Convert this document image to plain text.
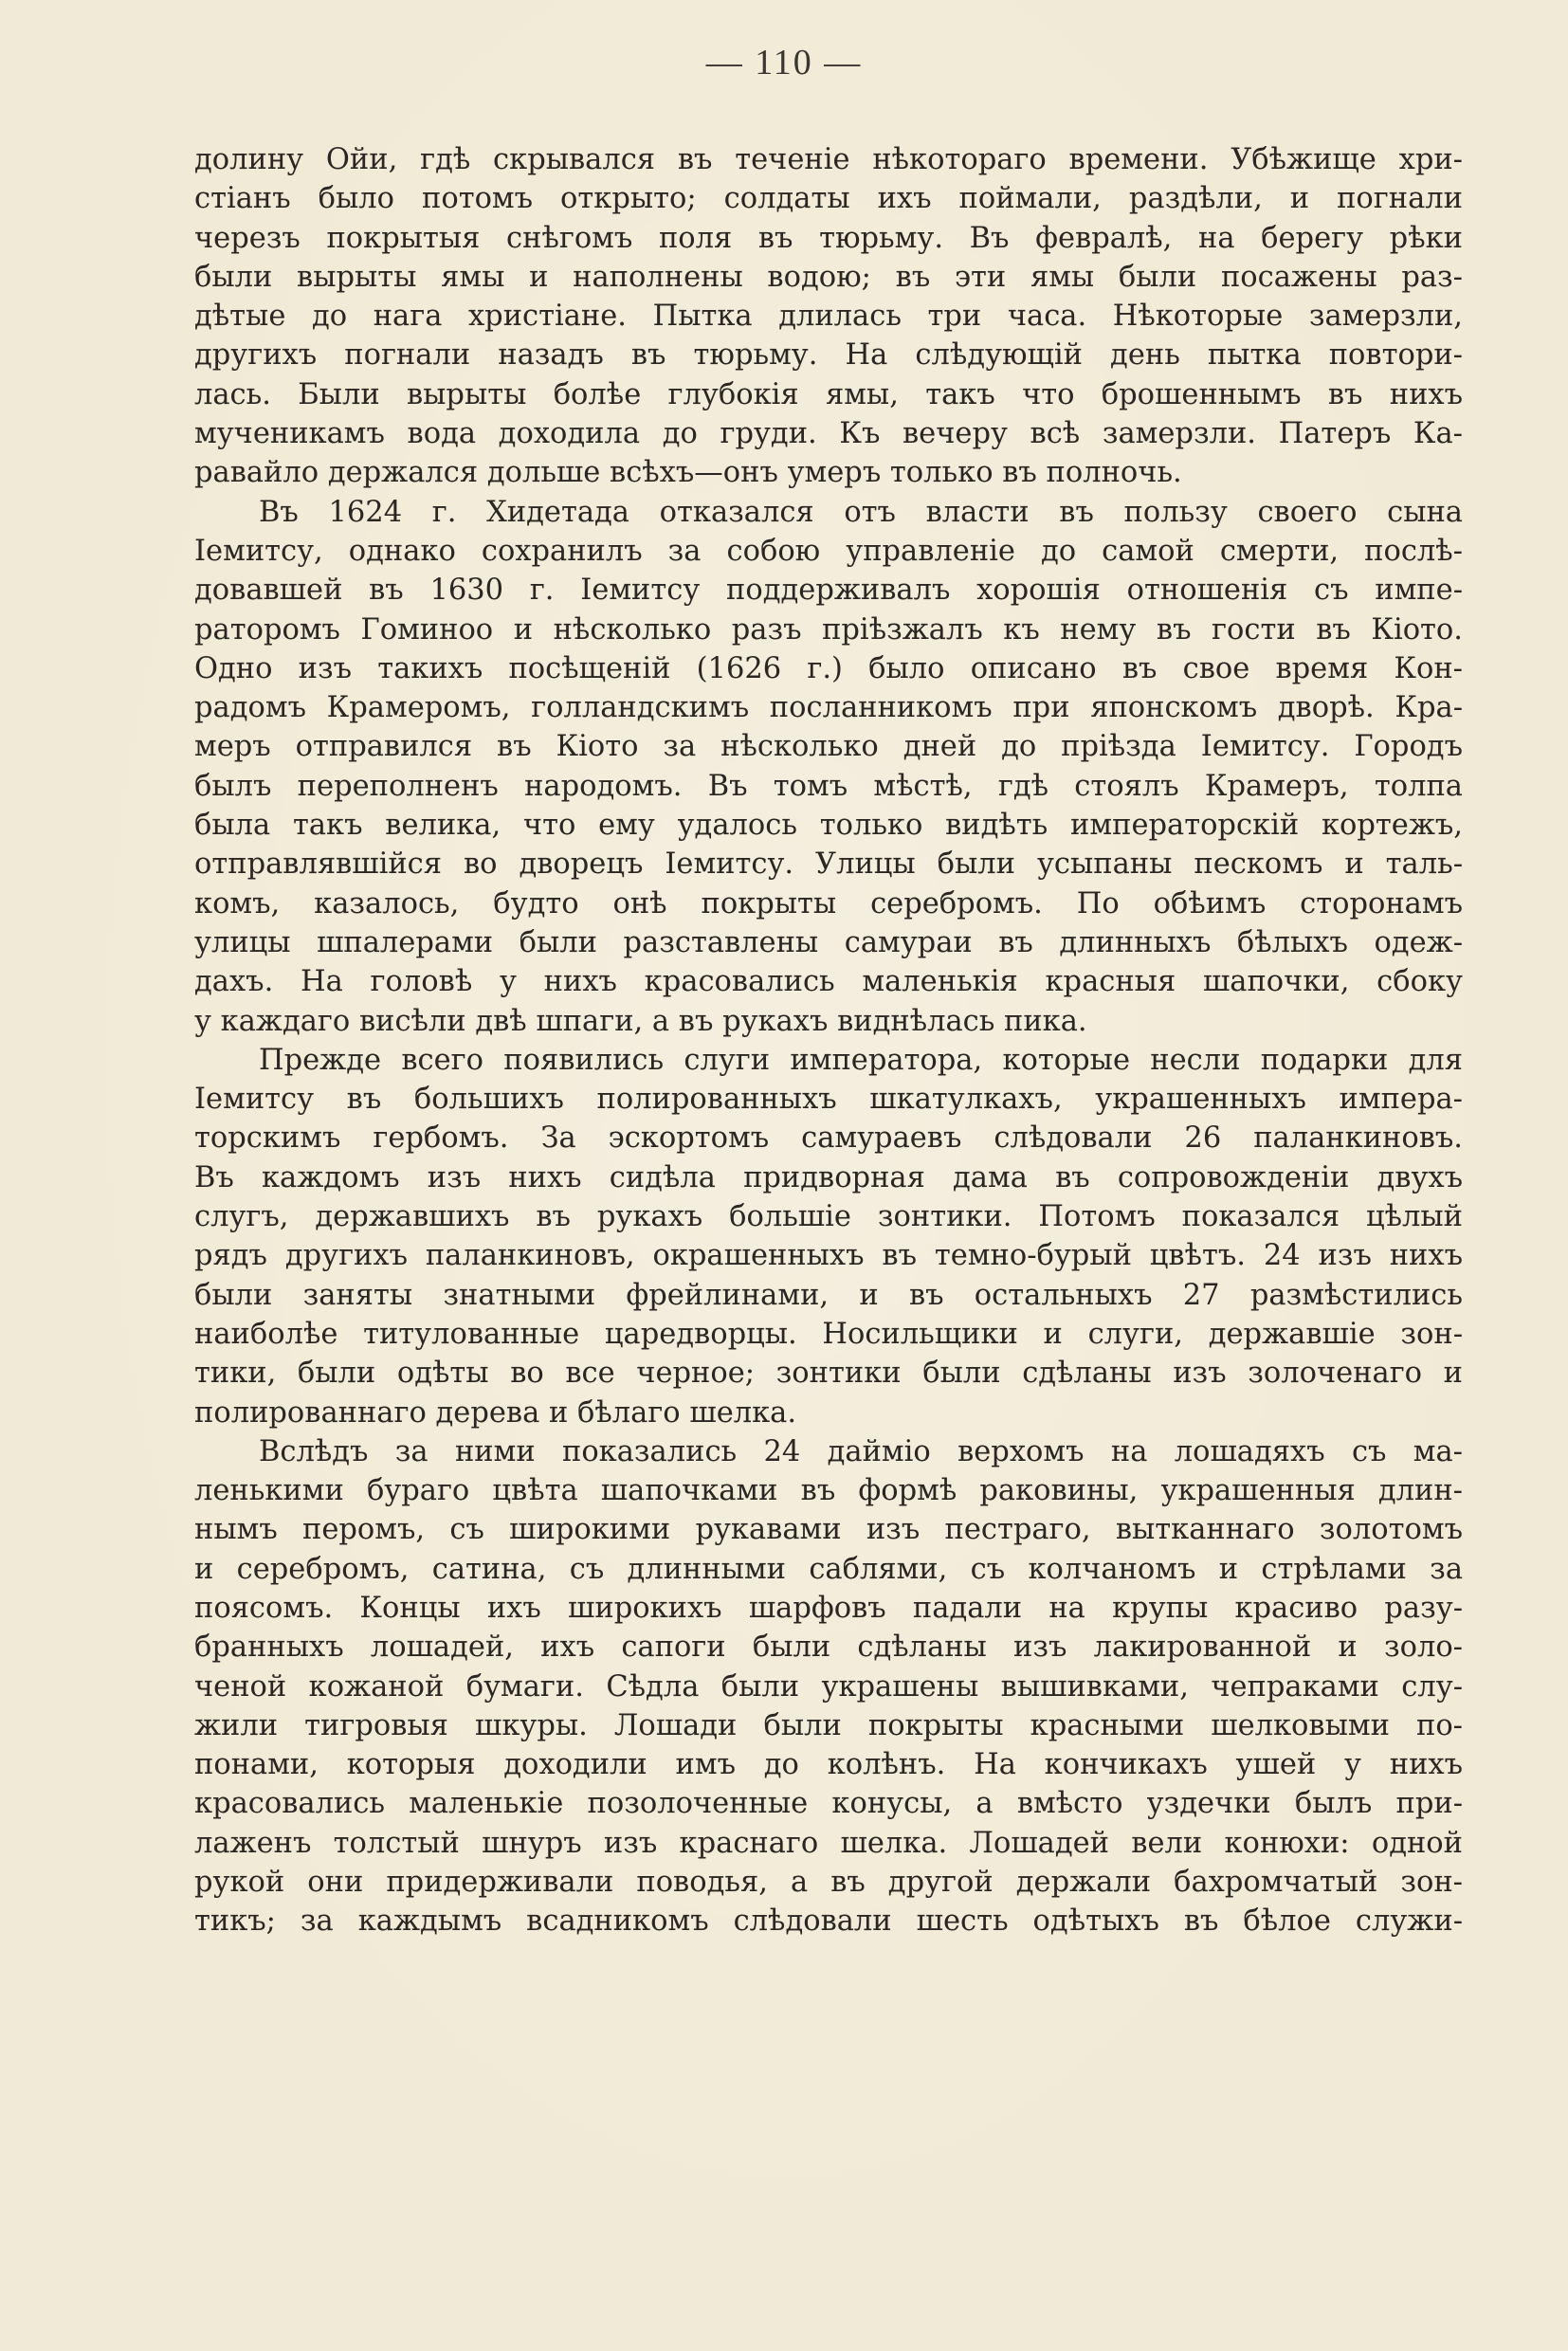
— 110 —
долину Ойи, гдѣ скрывался въ теченіе нѣкотораго времени. Убѣжище хри-
стіанъ было потомъ открыто; солдаты ихъ поймали, раздѣли, и погнали
черезъ покрытыя снѣгомъ поля въ тюрьму. Въ февралѣ, на берегу рѣки
были вырыты ямы и наполнены водою; въ эти ямы были посажены раз-
дѣтые до нага христіане. Пытка длилась три часа. Нѣкоторые замерзли,
другихъ погнали назадъ въ тюрьму. На слѣдующій день пытка повтори-
лась. Были вырыты болѣе глубокія ямы, такъ что брошеннымъ въ нихъ
мученикамъ вода доходила до груди. Къ вечеру всѣ замерзли. Патеръ Ка-
равайло держался дольше всѣхъ—онъ умеръ только въ полночь.
Въ 1624 г. Хидетада отказался отъ власти въ пользу своего сына
Іемитсу, однако сохранилъ за собою управленіе до самой смерти, послѣ-
довавшей въ 1630 г. Іемитсу поддерживалъ хорошія отношенія съ импе-
раторомъ Гоминоо и нѣсколько разъ пріѣзжалъ къ нему въ гости въ Кіото.
Одно изъ такихъ посѣщеній (1626 г.) было описано въ свое время Кон-
радомъ Крамеромъ, голландскимъ посланникомъ при японскомъ дворѣ. Кра-
меръ отправился въ Кіото за нѣсколько дней до пріѣзда Іемитсу. Городъ
былъ переполненъ народомъ. Въ томъ мѣстѣ, гдѣ стоялъ Крамеръ, толпа
была такъ велика, что ему удалось только видѣть императорскій кортежъ,
отправлявшійся во дворецъ Іемитсу. Улицы были усыпаны пескомъ и таль-
комъ, казалось, будто онѣ покрыты серебромъ. По обѣимъ сторонамъ
улицы шпалерами были разставлены самураи въ длинныхъ бѣлыхъ одеж-
дахъ. На головѣ у нихъ красовались маленькія красныя шапочки, сбоку
у каждаго висѣли двѣ шпаги, а въ рукахъ виднѣлась пика.
Прежде всего появились слуги императора, которые несли подарки для
Іемитсу въ большихъ полированныхъ шкатулкахъ, украшенныхъ импера-
торскимъ гербомъ. За эскортомъ самураевъ слѣдовали 26 паланкиновъ.
Въ каждомъ изъ нихъ сидѣла придворная дама въ сопровожденіи двухъ
слугъ, державшихъ въ рукахъ большіе зонтики. Потомъ показался цѣлый
рядъ другихъ паланкиновъ, окрашенныхъ въ темно-бурый цвѣтъ. 24 изъ нихъ
были заняты знатными фрейлинами, и въ остальныхъ 27 размѣстились
наиболѣе титулованные царедворцы. Носильщики и слуги, державшіе зон-
тики, были одѣты во все черное; зонтики были сдѣланы изъ золоченаго и
полированнаго дерева и бѣлаго шелка.
Вслѣдъ за ними показались 24 дайміо верхомъ на лошадяхъ съ ма-
ленькими бураго цвѣта шапочками въ формѣ раковины, украшенныя длин-
нымъ перомъ, съ широкими рукавами изъ пестраго, вытканнаго золотомъ
и серебромъ, сатина, съ длинными саблями, съ колчаномъ и стрѣлами за
поясомъ. Концы ихъ широкихъ шарфовъ падали на крупы красиво разу-
бранныхъ лошадей, ихъ сапоги были сдѣланы изъ лакированной и золо-
ченой кожаной бумаги. Сѣдла были украшены вышивками, чепраками слу-
жили тигровыя шкуры. Лошади были покрыты красными шелковыми по-
понами, которыя доходили имъ до колѣнъ. На кончикахъ ушей у нихъ
красовались маленькіе позолоченные конусы, а вмѣсто уздечки былъ при-
лаженъ толстый шнуръ изъ краснаго шелка. Лошадей вели конюхи: одной
рукой они придерживали поводья, а въ другой держали бахромчатый зон-
тикъ; за каждымъ всадникомъ слѣдовали шесть одѣтыхъ въ бѣлое служи-
